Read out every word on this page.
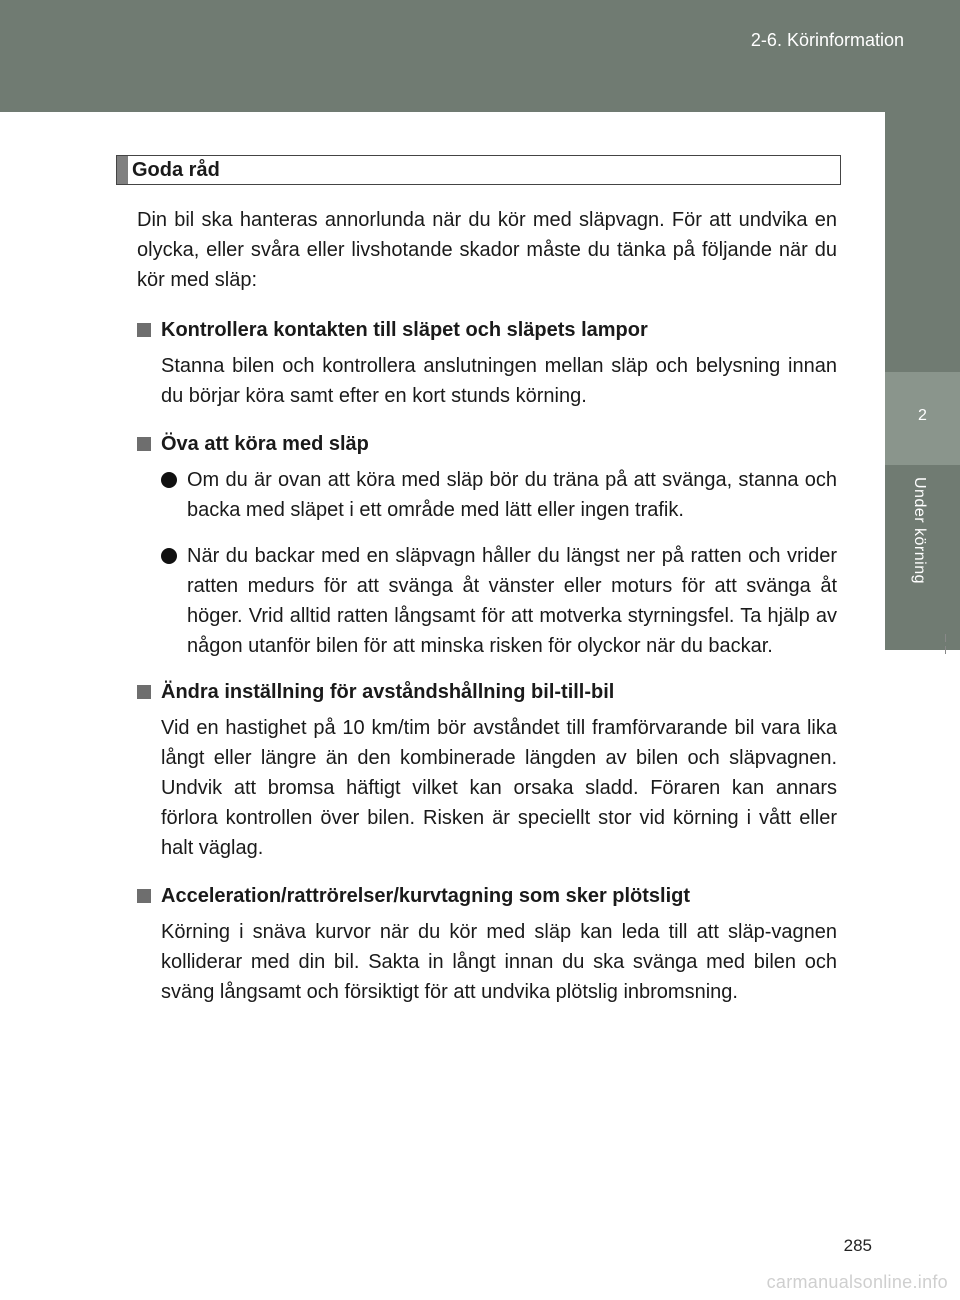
2-6. Körinformation
2
Under körning
Goda råd

Din bil ska hanteras annorlunda när du kör med släpvagn. För att undvika en olycka, eller svåra eller livshotande skador måste du tänka på följande när du kör med släp:

Kontrollera kontakten till släpet och släpets lampor

Stanna bilen och kontrollera anslutningen mellan släp och belysning innan du börjar köra samt efter en kort stunds körning.

Öva att köra med släp

Om du är ovan att köra med släp bör du träna på att svänga, stanna och backa med släpet i ett område med lätt eller ingen trafik.

När du backar med en släpvagn håller du längst ner på ratten och vrider ratten medurs för att svänga åt vänster eller moturs för att svänga åt höger. Vrid alltid ratten långsamt för att motverka styrningsfel. Ta hjälp av någon utanför bilen för att minska risken för olyckor när du backar.

Ändra inställning för avståndshållning bil-till-bil

Vid en hastighet på 10 km/tim bör avståndet till framförvarande bil vara lika långt eller längre än den kombinerade längden av bilen och släpvagnen. Undvik att bromsa häftigt vilket kan orsaka sladd. Föraren kan annars förlora kontrollen över bilen. Risken är speciellt stor vid körning i vått eller halt väglag.

Acceleration/rattrörelser/kurvtagning som sker plötsligt

Körning i snäva kurvor när du kör med släp kan leda till att släp-vagnen kolliderar med din bil. Sakta in långt innan du ska svänga med bilen och sväng långsamt och försiktigt för att undvika plötslig inbromsning.

285
carmanualsonline.info
